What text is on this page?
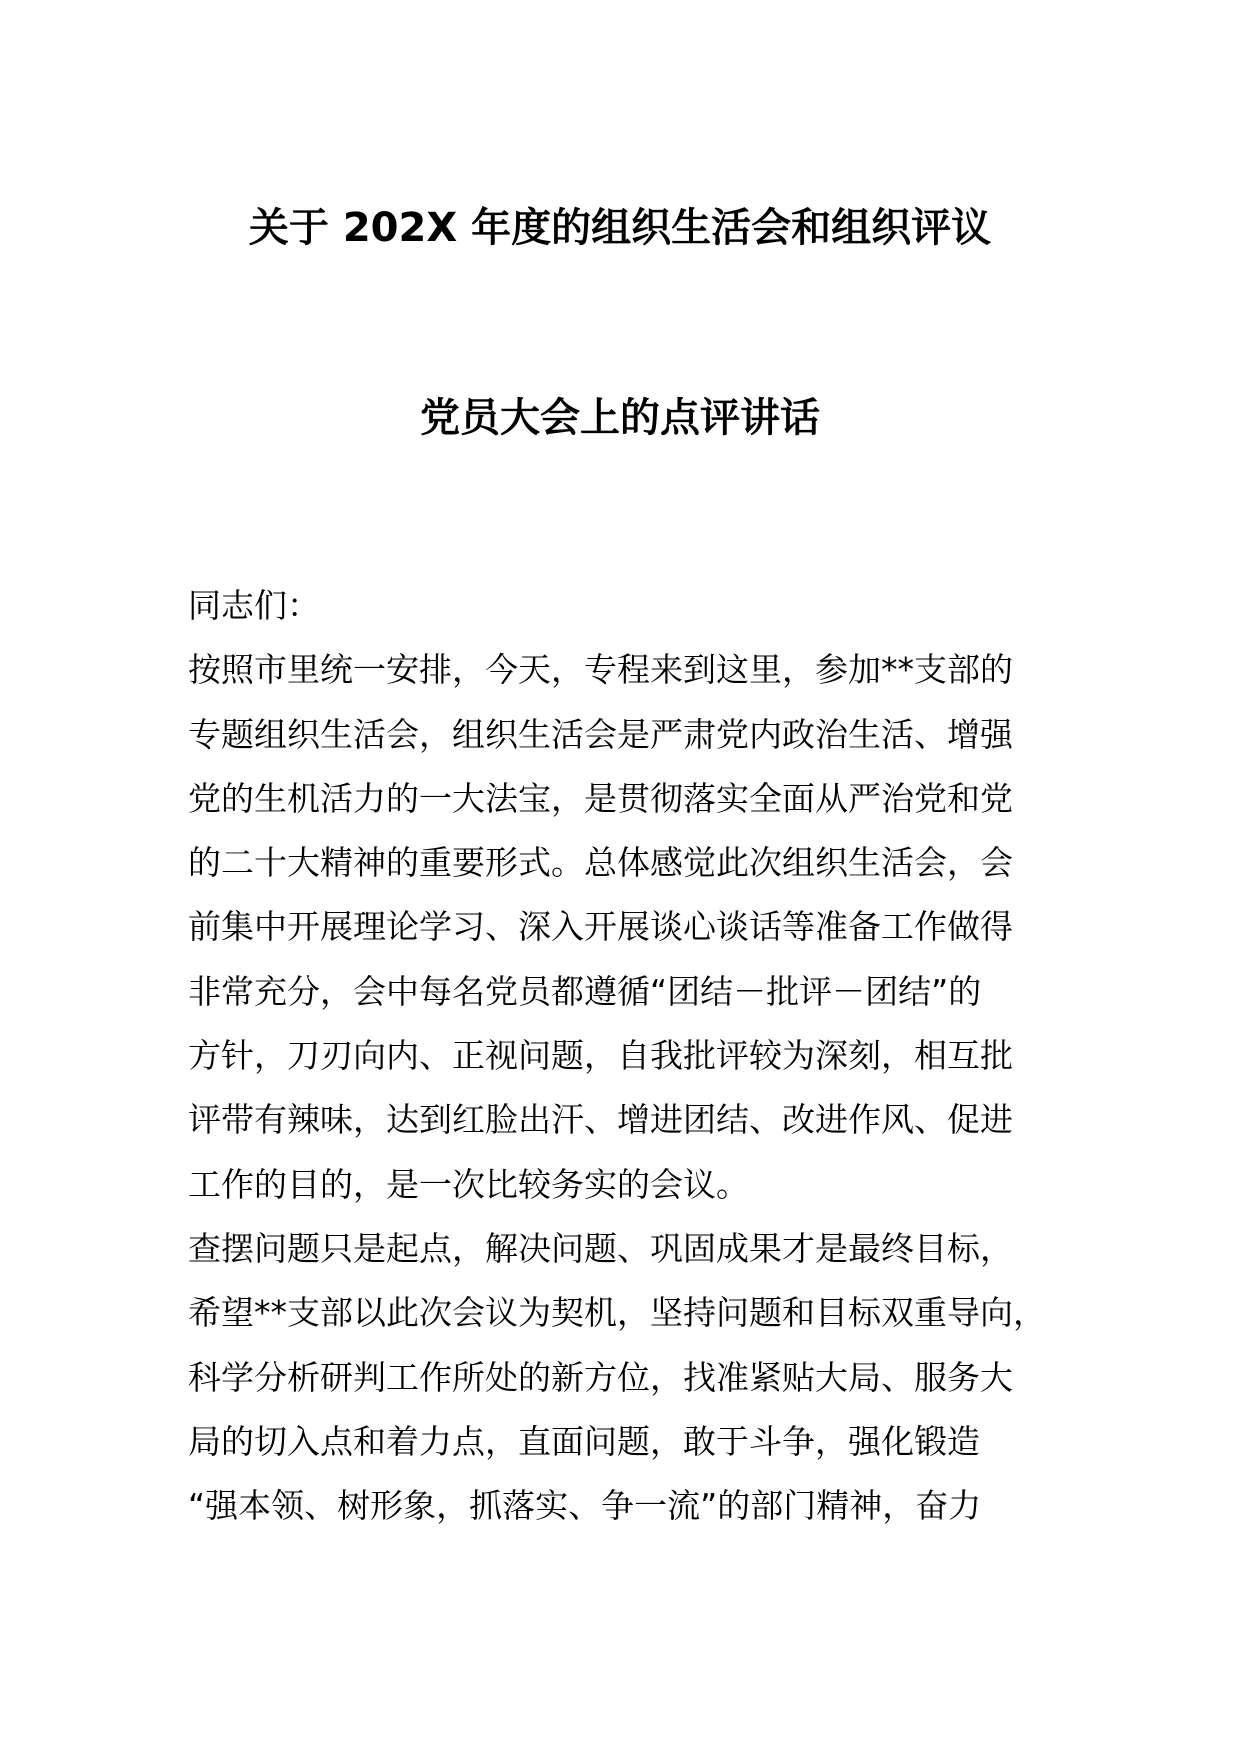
关于 202X 年度的组织生活会和组织评议
党员大会上的点评讲话
同志们：
按照市里统一安排，今天，专程来到这里，参加**支部的
专题组织生活会，组织生活会是严肃党内政治生活、增强
党的生机活力的一大法宝，是贯彻落实全面从严治党和党
的二十大精神的重要形式。总体感觉此次组织生活会，会
前集中开展理论学习、深入开展谈心谈话等准备工作做得
非常充分，会中每名党员都遵循“团结－批评－团结”的
方针，刀刃向内、正视问题，自我批评较为深刻，相互批
评带有辣味，达到红脸出汗、增进团结、改进作风、促进
工作的目的，是一次比较务实的会议。
查摆问题只是起点，解决问题、巩固成果才是最终目标，
希望**支部以此次会议为契机，坚持问题和目标双重导向，
科学分析研判工作所处的新方位，找准紧贴大局、服务大
局的切入点和着力点，直面问题，敢于斗争，强化锻造
“强本领、树形象，抓落实、争一流”的部门精神，奋力
